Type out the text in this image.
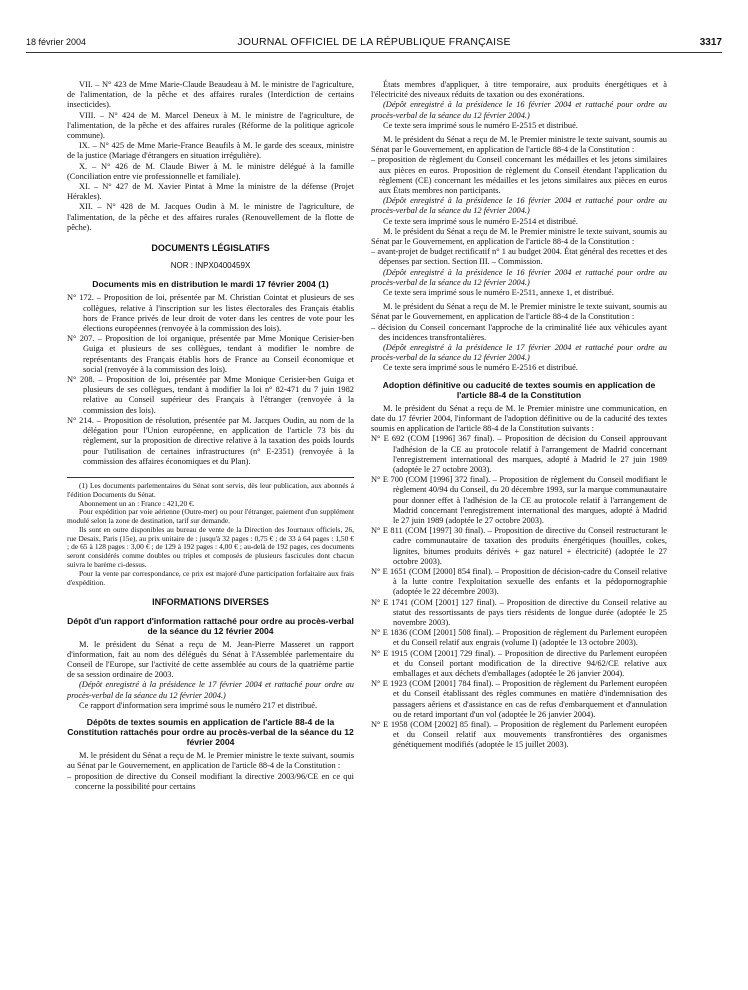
18 février 2004	JOURNAL OFFICIEL DE LA RÉPUBLIQUE FRANÇAISE	3317

VII. – N° 423 de Mme Marie-Claude Beaudeau à M. le ministre de l'agriculture, de l'alimentation, de la pêche et des affaires rurales (Interdiction de certains insecticides).

VIII. – N° 424 de M. Marcel Deneux à M. le ministre de l'agriculture, de l'alimentation, de la pêche et des affaires rurales (Réforme de la politique agricole commune).

IX. – N° 425 de Mme Marie-France Beaufils à M. le garde des sceaux, ministre de la justice (Mariage d'étrangers en situation irrégulière).

X. – N° 426 de M. Claude Biwer à M. le ministre délégué à la famille (Conciliation entre vie professionnelle et familiale).

XI. – N° 427 de M. Xavier Pintat à Mme la ministre de la défense (Projet Hérakles).

XII. – N° 428 de M. Jacques Oudin à M. le ministre de l'agriculture, de l'alimentation, de la pêche et des affaires rurales (Renouvellement de la flotte de pêche).

DOCUMENTS LÉGISLATIFS
NOR : INPX0400459X
Documents mis en distribution le mardi 17 février 2004 (1)

N° 172. – Proposition de loi, présentée par M. Christian Cointat et plusieurs de ses collègues, relative à l'inscription sur les listes électorales des Français établis hors de France privés de leur droit de voter dans les centres de vote pour les élections européennes (renvoyée à la commission des lois).

N° 207. – Proposition de loi organique, présentée par Mme Monique Cerisier-ben Guiga et plusieurs de ses collègues, tendant à modifier le nombre de représentants des Français établis hors de France au Conseil économique et social (renvoyée à la commission des lois).

N° 208. – Proposition de loi, présentée par Mme Monique Cerisier-ben Guiga et plusieurs de ses collègues, tendant à modifier la loi n° 82-471 du 7 juin 1982 relative au Conseil supérieur des Français à l'étranger (renvoyée à la commission des lois).

N° 214. – Proposition de résolution, présentée par M. Jacques Oudin, au nom de la délégation pour l'Union européenne, en application de l'article 73 bis du règlement, sur la proposition de directive relative à la taxation des poids lourds pour l'utilisation de certaines infrastructures (n° E-2351) (renvoyée à la commission des affaires économiques et du Plan).

(1) Les documents parlementaires du Sénat sont servis, dès leur publication, aux abonnés à l'édition Documents du Sénat.

Abonnement un an : France : 421,20 €.

Pour expédition par voie aérienne (Outre-mer) ou pour l'étranger, paiement d'un supplément modulé selon la zone de destination, tarif sur demande.

Ils sont en outre disponibles au bureau de vente de la Direction des Journaux officiels, 26, rue Desaix, Paris (15e), au prix unitaire de : jusqu'à 32 pages : 0,75 € ; de 33 à 64 pages : 1,50 € ; de 65 à 128 pages : 3,00 € ; de 129 à 192 pages : 4,00 € ; au-delà de 192 pages, ces documents seront considérés comme doubles ou triples et composés de plusieurs fascicules dont chacun suivra le barème ci-dessus.

Pour la vente par correspondance, ce prix est majoré d'une participation forfaitaire aux frais d'expédition.

INFORMATIONS DIVERSES
Dépôt d'un rapport d'information rattaché pour ordre au procès-verbal de la séance du 12 février 2004

M. le président du Sénat a reçu de M. Jean-Pierre Masseret un rapport d'information, fait au nom des délégués du Sénat à l'Assemblée parlementaire du Conseil de l'Europe, sur l'activité de cette assemblée au cours de la quatrième partie de sa session ordinaire de 2003.

(Dépôt enregistré à la présidence le 17 février 2004 et rattaché pour ordre au procès-verbal de la séance du 12 février 2004.)

Ce rapport d'information sera imprimé sous le numéro 217 et distribué.

Dépôts de textes soumis en application de l'article 88-4 de la Constitution rattachés pour ordre au procès-verbal de la séance du 12 février 2004

M. le président du Sénat a reçu de M. le Premier ministre le texte suivant, soumis au Sénat par le Gouvernement, en application de l'article 88-4 de la Constitution :

– proposition de directive du Conseil modifiant la directive 2003/96/CE en ce qui concerne la possibilité pour certains

États membres d'appliquer, à titre temporaire, aux produits énergétiques et à l'électricité des niveaux réduits de taxation ou des exonérations.

(Dépôt enregistré à la présidence le 16 février 2004 et rattaché pour ordre au procès-verbal de la séance du 12 février 2004.)

Ce texte sera imprimé sous le numéro E-2515 et distribué.

M. le président du Sénat a reçu de M. le Premier ministre le texte suivant, soumis au Sénat par le Gouvernement, en application de l'article 88-4 de la Constitution :

– proposition de règlement du Conseil concernant les médailles et les jetons similaires aux pièces en euros. Proposition de règlement du Conseil étendant l'application du règlement (CE) concernant les médailles et les jetons similaires aux pièces en euros aux États membres non participants.

(Dépôt enregistré à la présidence le 16 février 2004 et rattaché pour ordre au procès-verbal de la séance du 12 février 2004.)

Ce texte sera imprimé sous le numéro E-2514 et distribué.

M. le président du Sénat a reçu de M. le Premier ministre le texte suivant, soumis au Sénat par le Gouvernement, en application de l'article 88-4 de la Constitution :

– avant-projet de budget rectificatif n° 1 au budget 2004. État général des recettes et des dépenses par section. Section III. – Commission.

(Dépôt enregistré à la présidence le 16 février 2004 et rattaché pour ordre au procès-verbal de la séance du 12 février 2004.)

Ce texte sera imprimé sous le numéro E-2511, annexe 1, et distribué.

M. le président du Sénat a reçu de M. le Premier ministre le texte suivant, soumis au Sénat par le Gouvernement, en application de l'article 88-4 de la Constitution :

– décision du Conseil concernant l'approche de la criminalité liée aux véhicules ayant des incidences transfrontalières.

(Dépôt enregistré à la présidence le 17 février 2004 et rattaché pour ordre au procès-verbal de la séance du 12 février 2004.)

Ce texte sera imprimé sous le numéro E-2516 et distribué.

Adoption définitive ou caducité de textes soumis en application de l'article 88-4 de la Constitution

M. le président du Sénat a reçu de M. le Premier ministre une communication, en date du 17 février 2004, l'informant de l'adoption définitive ou de la caducité des textes soumis en application de l'article 88-4 de la Constitution suivants :

N° E 692 (COM [1996] 367 final). – Proposition de décision du Conseil approuvant l'adhésion de la CE au protocole relatif à l'arrangement de Madrid concernant l'enregistrement international des marques, adopté à Madrid le 27 juin 1989 (adoptée le 27 octobre 2003).

N° E 700 (COM [1996] 372 final). – Proposition de règlement du Conseil modifiant le règlement 40/94 du Conseil, du 20 décembre 1993, sur la marque communautaire pour donner effet à l'adhésion de la CE au protocole relatif à l'arrangement de Madrid concernant l'enregistrement international des marques, adopté à Madrid le 27 juin 1989 (adoptée le 27 octobre 2003).

N° E 811 (COM [1997] 30 final). – Proposition de directive du Conseil restructurant le cadre communautaire de taxation des produits énergétiques (houilles, cokes, lignites, bitumes produits dérivés + gaz naturel + électricité) (adoptée le 27 octobre 2003).

N° E 1651 (COM [2000] 854 final). – Proposition de décision-cadre du Conseil relative à la lutte contre l'exploitation sexuelle des enfants et la pédopornographie (adoptée le 22 décembre 2003).

N° E 1741 (COM [2001] 127 final). – Proposition de directive du Conseil relative au statut des ressortissants de pays tiers résidents de longue durée (adoptée le 25 novembre 2003).

N° E 1836 (COM [2001] 508 final). – Proposition de règlement du Parlement européen et du Conseil relatif aux engrais (volume I) (adoptée le 13 octobre 2003).

N° E 1915 (COM [2001] 729 final). – Proposition de directive du Parlement européen et du Conseil portant modification de la directive 94/62/CE relative aux emballages et aux déchets d'emballages (adoptée le 26 janvier 2004).

N° E 1923 (COM [2001] 784 final). – Proposition de règlement du Parlement européen et du Conseil établissant des règles communes en matière d'indemnisation des passagers aériens et d'assistance en cas de refus d'embarquement et d'annulation ou de retard important d'un vol (adoptée le 26 janvier 2004).

N° E 1958 (COM [2002] 85 final). – Proposition de règlement du Parlement européen et du Conseil relatif aux mouvements transfrontières des organismes génétiquement modifiés (adoptée le 15 juillet 2003).
